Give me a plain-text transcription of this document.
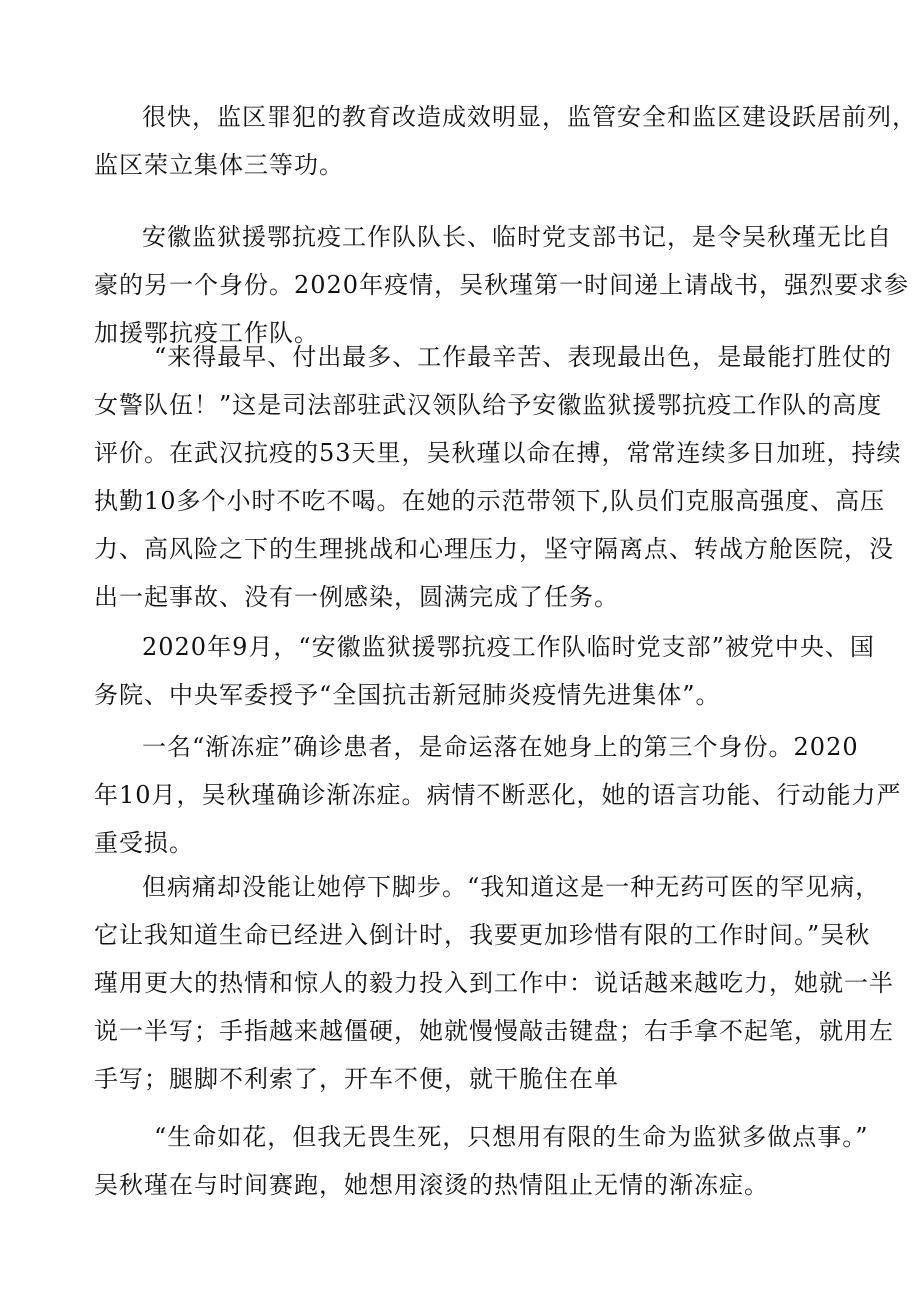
很快，监区罪犯的教育改造成效明显，监管安全和监区建设跃居前列，
监区荣立集体三等功。

安徽监狱援鄂抗疫工作队队长、临时党支部书记，是令吴秋瑾无比自
豪的另一个身份。2020年疫情，吴秋瑾第一时间递上请战书，强烈要求参
加援鄂抗疫工作队。

“来得最早、付出最多、工作最辛苦、表现最出色，是最能打胜仗的
女警队伍！”这是司法部驻武汉领队给予安徽监狱援鄂抗疫工作队的高度
评价。在武汉抗疫的53天里，吴秋瑾以命在搏，常常连续多日加班，持续
执勤10多个小时不吃不喝。在她的示范带领下,队员们克服高强度、高压
力、高风险之下的生理挑战和心理压力，坚守隔离点、转战方舱医院，没
出一起事故、没有一例感染，圆满完成了任务。

2020年9月，“安徽监狱援鄂抗疫工作队临时党支部”被党中央、国
务院、中央军委授予“全国抗击新冠肺炎疫情先进集体”。

一名“渐冻症”确诊患者，是命运落在她身上的第三个身份。2020
年10月，吴秋瑾确诊渐冻症。病情不断恶化，她的语言功能、行动能力严
重受损。

但病痛却没能让她停下脚步。“我知道这是一种无药可医的罕见病，
它让我知道生命已经进入倒计时，我要更加珍惜有限的工作时间。”吴秋
瑾用更大的热情和惊人的毅力投入到工作中：说话越来越吃力，她就一半
说一半写；手指越来越僵硬，她就慢慢敲击键盘；右手拿不起笔，就用左
手写；腿脚不利索了，开车不便，就干脆住在单

“生命如花，但我无畏生死，只想用有限的生命为监狱多做点事。”
吴秋瑾在与时间赛跑，她想用滚烫的热情阻止无情的渐冻症。
